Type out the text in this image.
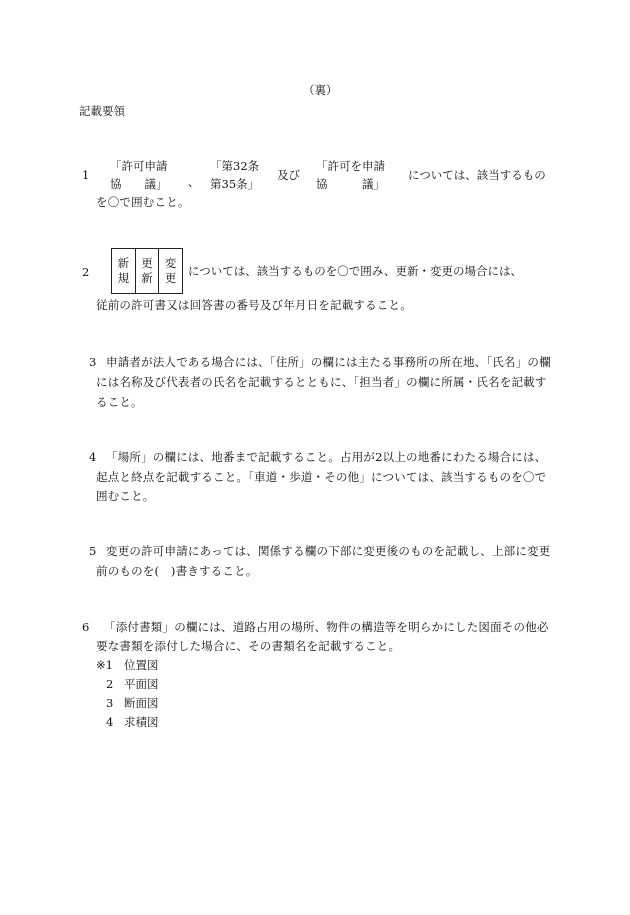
（裏）
記載要領
1
「許可申請
協　　議」 、
「第32条
第35条」
及び
「許可を申請
協　　　議」
については、該当するもの
を〇で囲むこと。
2
新
規
更
新
変
更 については、該当するものを〇で囲み、更新・変更の場合には、
従前の許可書又は回答書の番号及び年月日を記載すること。
3 申請者が法人である場合には、「住所」の欄には主たる事務所の所在地、「氏名」の欄
には名称及び代表者の氏名を記載するとともに、「担当者」の欄に所属・氏名を記載す
ること。
4 「場所」の欄には、地番まで記載すること。占用が2以上の地番にわたる場合には、
起点と終点を記載すること。「車道・歩道・その他」については、該当するものを〇で
囲むこと。
5 変更の許可申請にあっては、関係する欄の下部に変更後のものを記載し、上部に変更
前のものを(　)書きすること。
6 「添付書類」の欄には、道路占用の場所、物件の構造等を明らかにした図面その他必
要な書類を添付した場合に、その書類名を記載すること。
※1 位置図
2 平面図
3 断面図
4 求積図
